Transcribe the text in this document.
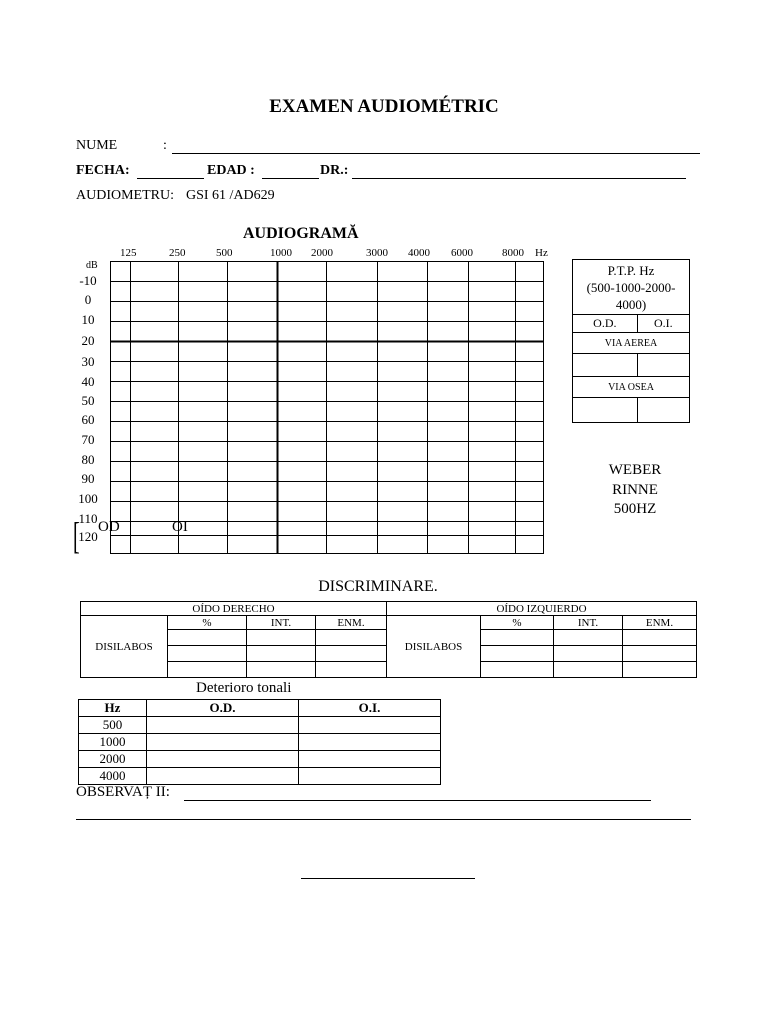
EXAMEN AUDIOMÉTRIC
NUME	:
FECHA:	EDAD :	DR.:
AUDIOMETRU: GSI 61 /AD629
AUDIOGRAMĂ
125	250	500	1000 2000	3000 4000 6000	8000 Hz
dB
-10
0
10
20
30
40
50
60
70
80
90
100
110
120
[ OD	OI
P.T.P. Hz
(500-1000-2000-
4000)	
O.D.	O.I.
VIA AEREA	

VIA OSEA	

WEBER
RINNE
500HZ
DISCRIMINARE.
OÍDO DERECHO				OÍDO IZQUIERDO			
DISILABOS	%	INT.	ENM.	DISILABOS	%	INT.	ENM.

Deterioro tonali
Hz	O.D.	O.I.
500		
1000		
2000		
4000		
OBSERVAȚ II:
